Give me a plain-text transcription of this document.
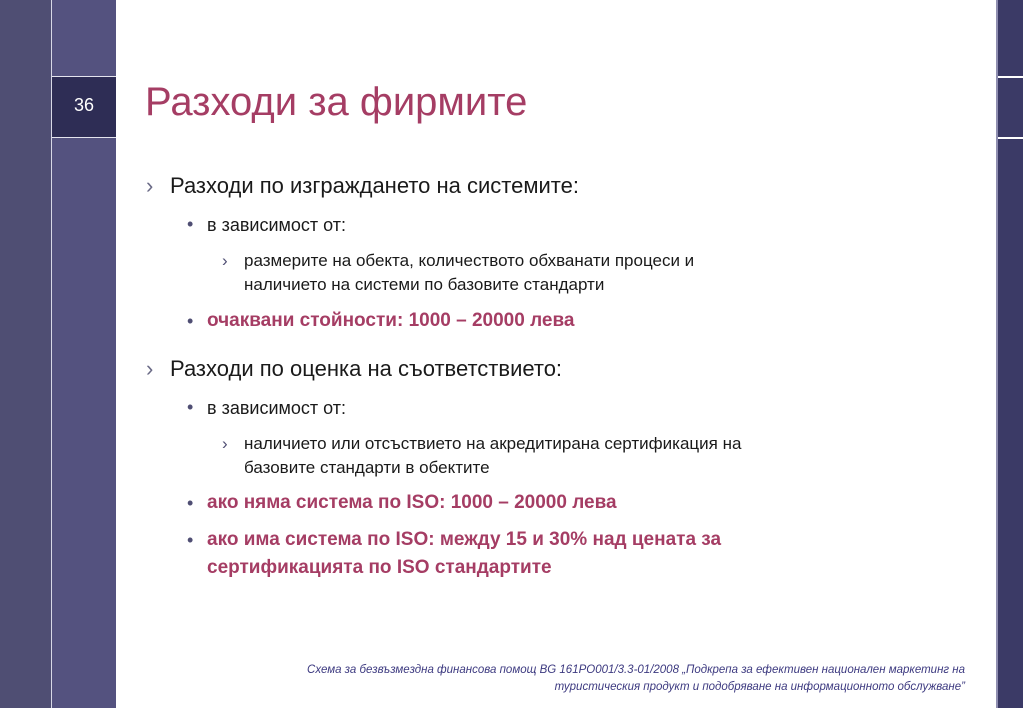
36	Разходи за фирмите
› Разходи по изграждането на системите:
• в зависимост от:
› размерите на обекта, количеството обхванати процеси и
наличието на системи по базовите стандарти
• очаквани стойности: 1000 – 20000 лева
› Разходи по оценка на съответствието:
• в зависимост от:
› наличието или отсъствието на акредитирана сертификация на
базовите стандарти в обектите
• ако няма система по ISO: 1000 – 20000 лева
• ако има система по ISO: между 15 и 30% над цената за
сертификацията по ISO стандартите
Схема за безвъзмездна финансова помощ BG 161PO001/3.3-01/2008 „Подкрепа за ефективен национален маркетинг на
туристическия продукт и подобряване на информационното обслужване”
